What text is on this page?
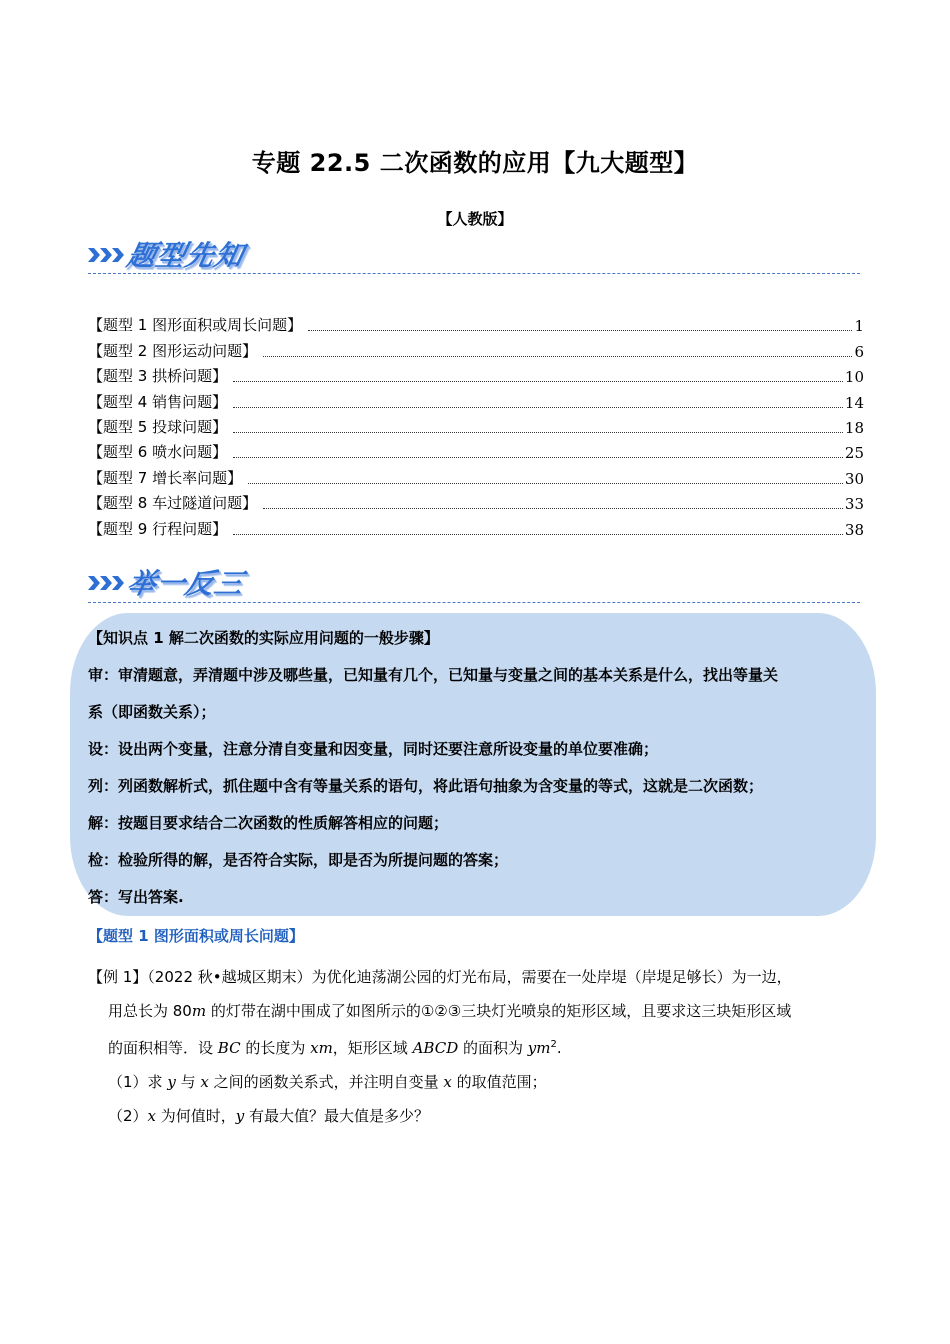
专题 22.5 二次函数的应用【九大题型】
【人教版】
题型先知
【题型 1 图形面积或周长问题】	1
【题型 2 图形运动问题】	6
【题型 3 拱桥问题】	10
【题型 4 销售问题】	14
【题型 5 投球问题】	18
【题型 6 喷水问题】	25
【题型 7 增长率问题】	30
【题型 8 车过隧道问题】	33
【题型 9 行程问题】	38
举一反三
【知识点 1 解二次函数的实际应用问题的一般步骤】
审：审清题意，弄清题中涉及哪些量，已知量有几个，已知量与变量之间的基本关系是什么，找出等量关
系（即函数关系）；
设：设出两个变量，注意分清自变量和因变量，同时还要注意所设变量的单位要准确；
列：列函数解析式，抓住题中含有等量关系的语句，将此语句抽象为含变量的等式，这就是二次函数；
解：按题目要求结合二次函数的性质解答相应的问题；
检：检验所得的解，是否符合实际，即是否为所提问题的答案；
答：写出答案.
【题型 1 图形面积或周长问题】
【例 1】（2022 秋•越城区期末）为优化迪荡湖公园的灯光布局，需要在一处岸堤（岸堤足够长）为一边，
用总长为 80m 的灯带在湖中围成了如图所示的①②③三块灯光喷泉的矩形区域，且要求这三块矩形区域
的面积相等．设 BC 的长度为 xm，矩形区域 ABCD 的面积为 $ym^2$.
（1）求 y 与 x 之间的函数关系式，并注明自变量 x 的取值范围；
（2）x 为何值时，y 有最大值？最大值是多少？
